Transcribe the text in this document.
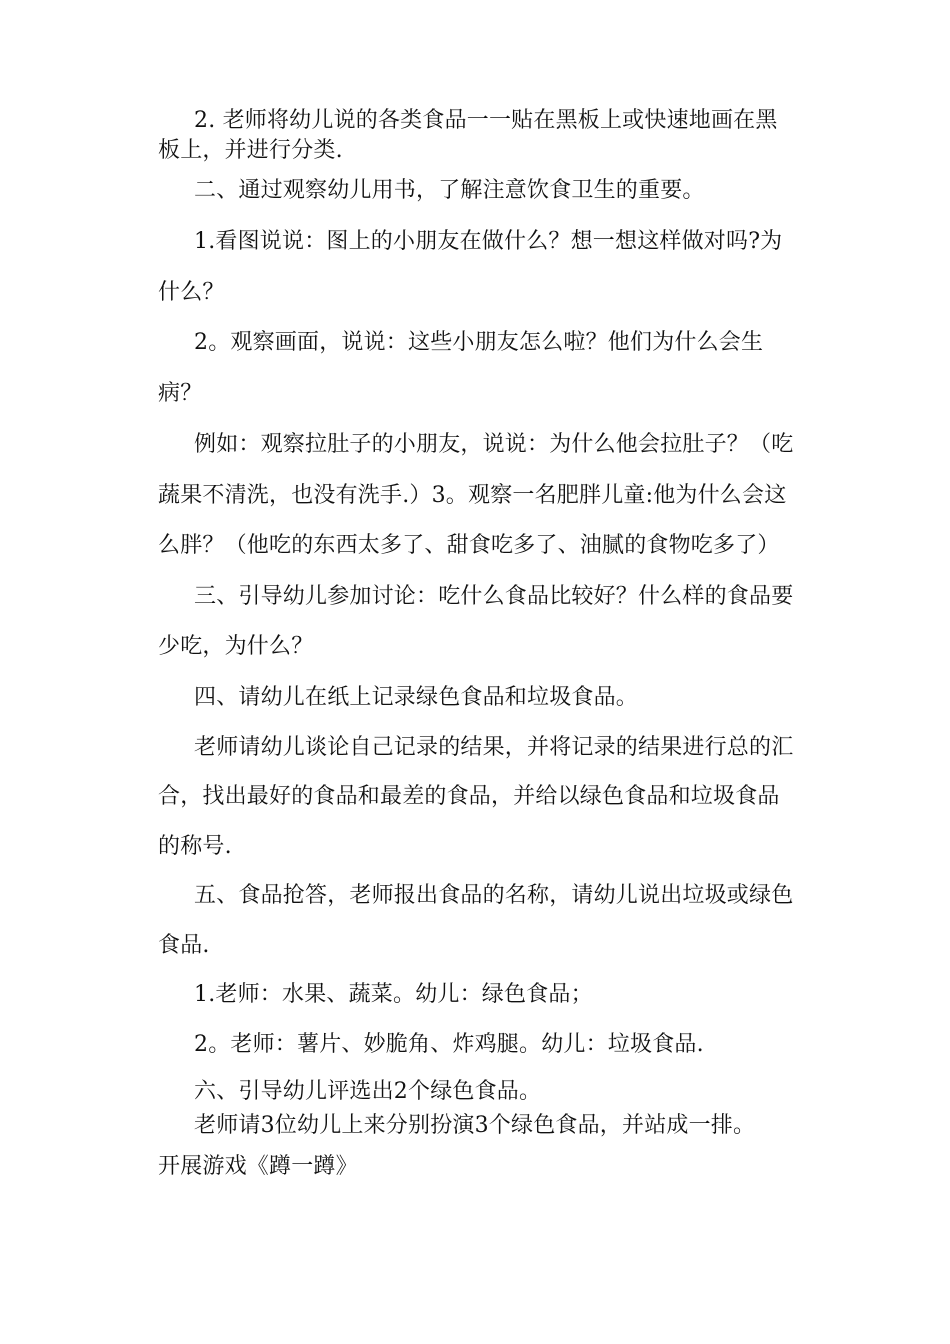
2. 老师将幼儿说的各类食品一一贴在黑板上或快速地画在黑
板上，并进行分类.
二、通过观察幼儿用书，了解注意饮食卫生的重要。
1.看图说说：图上的小朋友在做什么？想一想这样做对吗?为
什么？
2。观察画面，说说：这些小朋友怎么啦？他们为什么会生
病？
例如：观察拉肚子的小朋友，说说：为什么他会拉肚子？（吃
蔬果不清洗，也没有洗手.）3。观察一名肥胖儿童:他为什么会这
么胖？（他吃的东西太多了、甜食吃多了、油腻的食物吃多了）
三、引导幼儿参加讨论：吃什么食品比较好？什么样的食品要
少吃，为什么？
四、请幼儿在纸上记录绿色食品和垃圾食品。
老师请幼儿谈论自己记录的结果，并将记录的结果进行总的汇
合，找出最好的食品和最差的食品，并给以绿色食品和垃圾食品
的称号.
五、食品抢答，老师报出食品的名称，请幼儿说出垃圾或绿色
食品.
1.老师：水果、蔬菜。幼儿：绿色食品；
2。老师：薯片、妙脆角、炸鸡腿。幼儿：垃圾食品.
六、引导幼儿评选出2个绿色食品。
老师请3位幼儿上来分别扮演3个绿色食品，并站成一排。
开展游戏《蹲一蹲》
